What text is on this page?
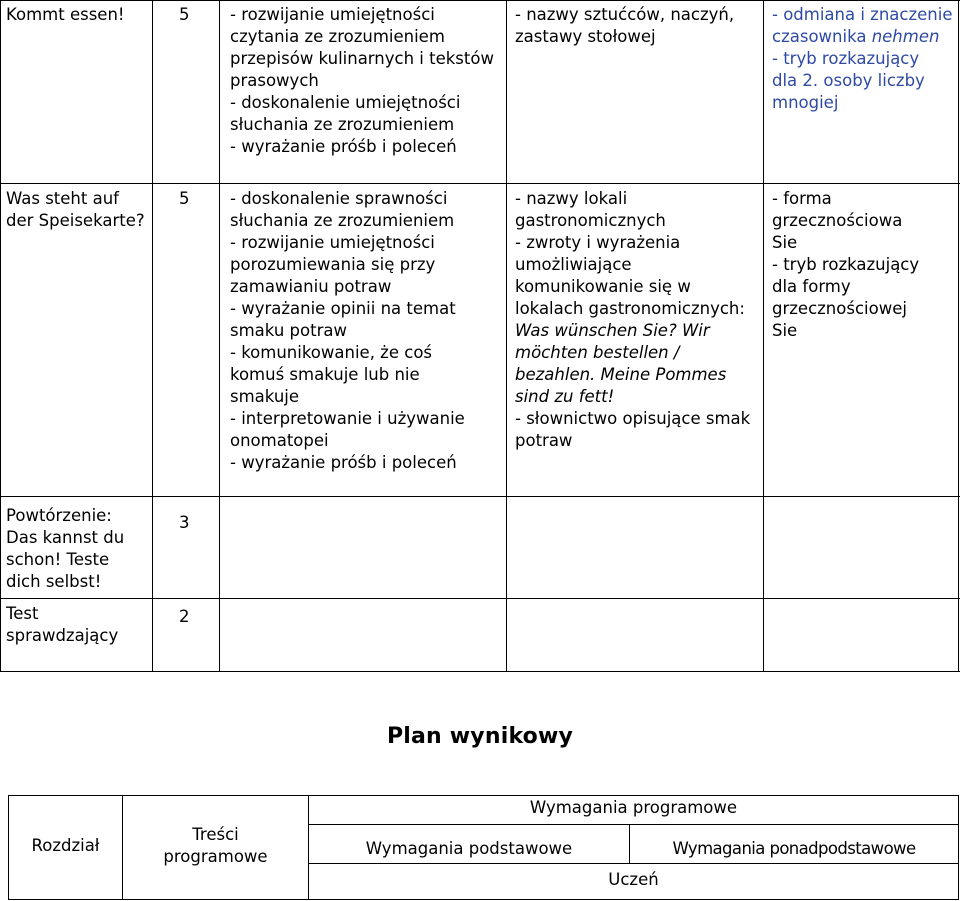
Kommt essen!	5 - rozwijanie umiejętności
czytania ze zrozumieniem
przepisów kulinarnych i tekstów
prasowych
- doskonalenie umiejętności
słuchania ze zrozumieniem
- wyrażanie próśb i poleceń
- nazwy sztućców, naczyń,
zastawy stołowej
- odmiana i znaczenie
czasownika nehmen
- tryb rozkazujący
dla 2. osoby liczby
mnogiej
Was steht auf
der Speisekarte?
5 - doskonalenie sprawności
słuchania ze zrozumieniem
- rozwijanie umiejętności
porozumiewania się przy
zamawianiu potraw
- wyrażanie opinii na temat
smaku potraw
- komunikowanie, że coś
komuś smakuje lub nie
smakuje
- interpretowanie i używanie
onomatopei
- wyrażanie próśb i poleceń
- nazwy lokali
gastronomicznych
- zwroty i wyrażenia
umożliwiające
komunikowanie się w
lokalach gastronomicznych:
Was wünschen Sie? Wir
möchten bestellen /
bezahlen. Meine Pommes
sind zu fett!
- słownictwo opisujące smak
potraw
- forma
grzecznościowa
Sie
- tryb rozkazujący
dla formy
grzecznościowej
Sie
Powtórzenie:
Das kannst du
schon! Teste
dich selbst!
3
Test
sprawdzający
2
Plan wynikowy
Rozdział
Treści
programowe
Wymagania programowe
Wymagania podstawowe	Wymagania ponadpodstawowe
Uczeń
